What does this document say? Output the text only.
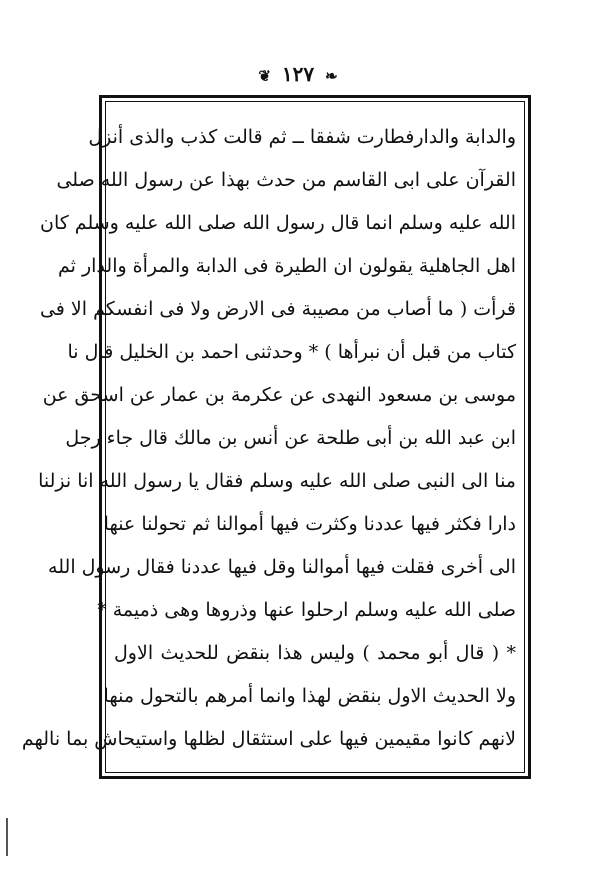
❦ ١٢٧ ❧
والدابة والدارفطارت شفقا ــ ثم قالت كذب والذى أنزل
القرآن على ابى القاسم من حدث بهذا عن رسول الله صلى
الله عليه وسلم انما قال رسول الله صلى الله عليه وسلم كان
اهل الجاهلية يقولون ان الطيرة فى الدابة والمرأة والدار ثم
قرأت ( ما أصاب من مصيبة فى الارض ولا فى انفسكم الا فى
كتاب من قبل أن نبرأها ) * وحدثنى احمد بن الخليل قال نا
موسى بن مسعود النهدى عن عكرمة بن عمار عن اسحق عن
ابن عبد الله بن أبى طلحة عن أنس بن مالك قال جاء رجل
منا الى النبى صلى الله عليه وسلم فقال يا رسول الله انا نزلنا
دارا فكثر فيها عددنا وكثرت فيها أموالنا ثم تحولنا عنها
الى أخرى فقلت فيها أموالنا وقل فيها عددنا فقال رسول الله
صلى الله عليه وسلم ارحلوا عنها وذروها وهى ذميمة *
* ( قال أبو محمد ) وليس هذا بنقض للحديث الاول
ولا الحديث الاول بنقض لهذا وانما أمرهم بالتحول منها
لانهم كانوا مقيمين فيها على استثقال لظلها واستيحاش بما نالهم
